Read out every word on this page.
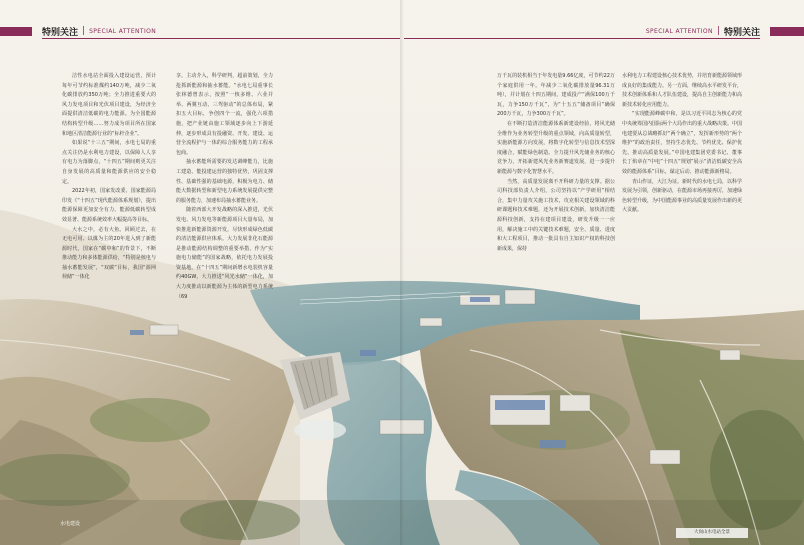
特别关注 | SPECIAL ATTENTION	SPECIAL ATTENTION | 特别关注

洁性水电站全面投入建设运营，预计每年可节约标准煤约140万吨，减少二氧化碳排放约350万吨；全力推进重要大的风力发电项目和光伏项目建设，为经济全面提供清洁低碳的电力能源。为全国能源结构转型升级……努力成为项目所在国家和地区清洁能源行业的“标杆企业”。

如果说“十三五”期间，水电七局的重点关注仍是水利电力建设，以保障人人享有电力为落脚点，“十四五”期间则更关注自身发展的高质量和能源供应的安全稳定。

2022年初，国家发改委、国家能源局印发《“十四五”现代能源体系规划》，提出能源保障更加安全有力、能源低碳转型成效显著、能源系统效率大幅提高等目标。

大水之中，必有大鱼。回顾过去，在无电可用、以煤为主的20年进入到了新能源时代，国家在“碳中和”的背景下，不断推动能力和多体能源供给，“特别是核电与抽水蓄能发展”，“双碳”目标，我国“源网荷储”一体化

享，主动介入，科学研判，超前策划，全力抢抓新能源和抽水蓄能。“水电七局重事长张林德曾表示，按照“一核多维、六业并举、两翼互动、三驾驱动”的总体布局，紧扣五大目标，争创四个一流，强化六项措施，把产业链由施工领域逐步向上下游延伸，逐步形成具有投融资、开发、建设、运营全流程护与一体的综合服务能力的工程承包商。

抽水蓄能所需要的发达调峰能力，比施工建造、能投建运营的独特优势，巩固支撑性、基础性强的基础电源，积极为电力、储能大数据转型和新型电力系统发展提供完整的服务能力，加速布局抽水蓄能业务。

随着西部大开发战略的深入推进，光伏发电、风力发电等新能源项目大量布局，加快推进新能源资源开发，尽快形成绿色低碳的清洁能源供应体系。大力发展非化石能源是推动能源结构调整的重要举措，作为“实施电力储能”的国家战略，依托电力发展投资基地，在“十四五”期间新增水电装机容量约40GW，大力推进“风光水储”一体化，加大力度推动以新能源为主体的新型电力系统（69

万千瓦的装机相当于年发电量9.66亿度，可节约22万个家庭供用一年。年减少二氧化碳排放量96.31万吨），并计划在十四五期间，建成投产“满保100万千瓦，力争150万千瓦”，为“十五五”储备项目“确保200万千瓦，力争300万千瓦”。

在不断打造清洁能源体系新建设经验，将风光储全维作为业务转型升级的重点领域，向高质量转型，实施新能源方向发展，将数字化转型与信息技术型深度融合，赋能绿色制造。全力提升风光储业务的核心竞争力，开拓新建风光业务新赛道发展，进一步提升新能源与数字化智慧水平。

当然，高质量发展离不开科研力量的支撑。据公司科技部负责人介绍，公司坚持以“产学研用”相结合，集中力量攻关施工技术，攻克相关建设领域的科研课题和技术难题，还为开展技术创新，加快清洁能源科技创新，支持在建项目建设，研发升级一一应用，解决施工中的关键技术难题，安全、质量、进度和大工程项目，推动一批具有自主知识产权的科技创新成果，保持

水利电力工程建设核心技术优势，并培育新能源领域形成良好的集成能力。另一方面，继续高水平研发平台，技术创新体系和人才队伍建设，提高自主创新能力和高新技术转化应用能力。

“实现能源峰碳中和，是以习近平同志为核心的党中央统筹国内国际两个大局作出的重大战略决策。中国电建要从总战略抓好“两个确立”，发挥新形势的“两个维护”的政治责任，坚持生态优先、节约优先、保护优先、推动高质量发展。”中国电建集团党委书记、董事长丁焰章在“中电”十四五“规划”展示“清洁低碳安全高效的能源体系”目标，谋定后动、推动能源新格局。

青山作证，大江为证。新时代的水电七局，以科学发展为引领，创新驱动，在能源市场再接再厉，加速绿色转型升级，为中国能源事业的高质量发展作出新的更大贡献。

水电建设
大岗山水电站全景
